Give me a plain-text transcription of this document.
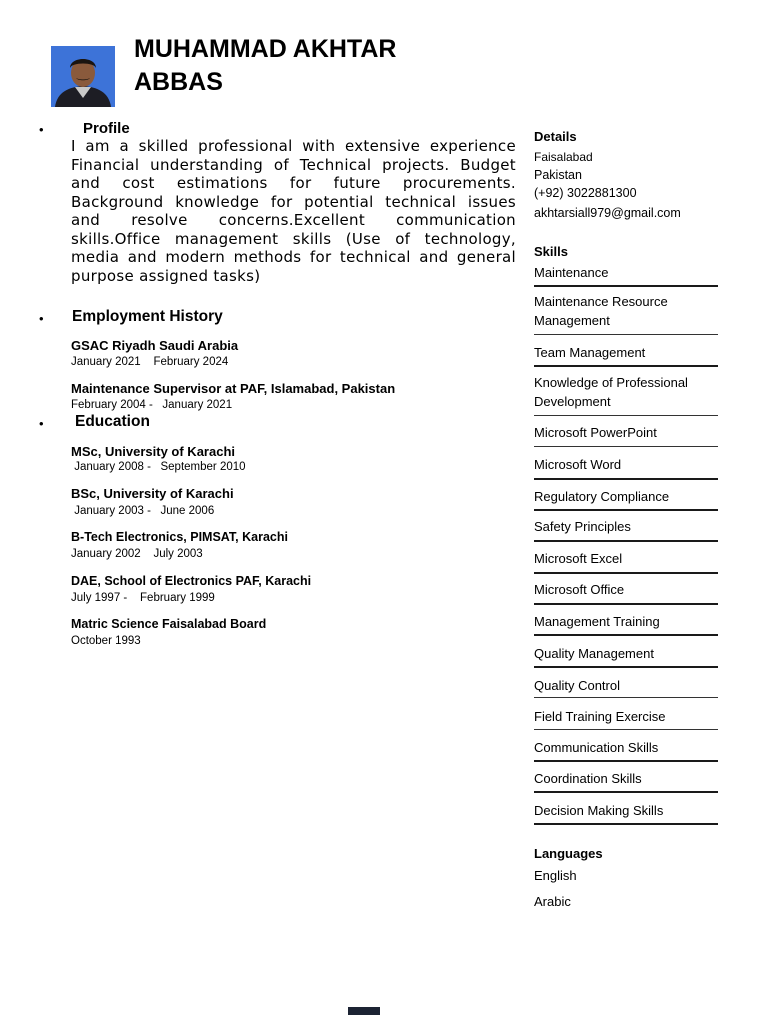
MUHAMMAD AKHTAR
ABBAS
•	Profile
I am a skilled professional with extensive experience Financial understanding of Technical projects. Budget and cost estimations for future procurements. Background knowledge for potential technical issues and resolve concerns.Excellent communication skills.Office management skills (Use of technology, media and modern methods for technical and general purpose assigned tasks)
• Employment History
GSAC Riyadh Saudi Arabia
January 2021    February 2024
Maintenance Supervisor at PAF, Islamabad, Pakistan
February 2004 -   January 2021
• Education
MSc, University of Karachi
January 2008 -   September 2010
BSc, University of Karachi
January 2003 -   June 2006
B-Tech Electronics, PIMSAT, Karachi
January 2002    July 2003
DAE, School of Electronics PAF, Karachi
July 1997 -    February 1999
Matric Science Faisalabad Board
October 1993
Details
Faisalabad
Pakistan
(+92) 3022881300
akhtarsiall979@gmail.com
Skills
Maintenance
Maintenance Resource Management
Team Management
Knowledge of Professional Development
Microsoft PowerPoint
Microsoft Word
Regulatory Compliance
Safety Principles
Microsoft Excel
Microsoft Office
Management Training
Quality Management
Quality Control
Field Training Exercise
Communication Skills
Coordination Skills
Decision Making Skills
Languages
English
Arabic
